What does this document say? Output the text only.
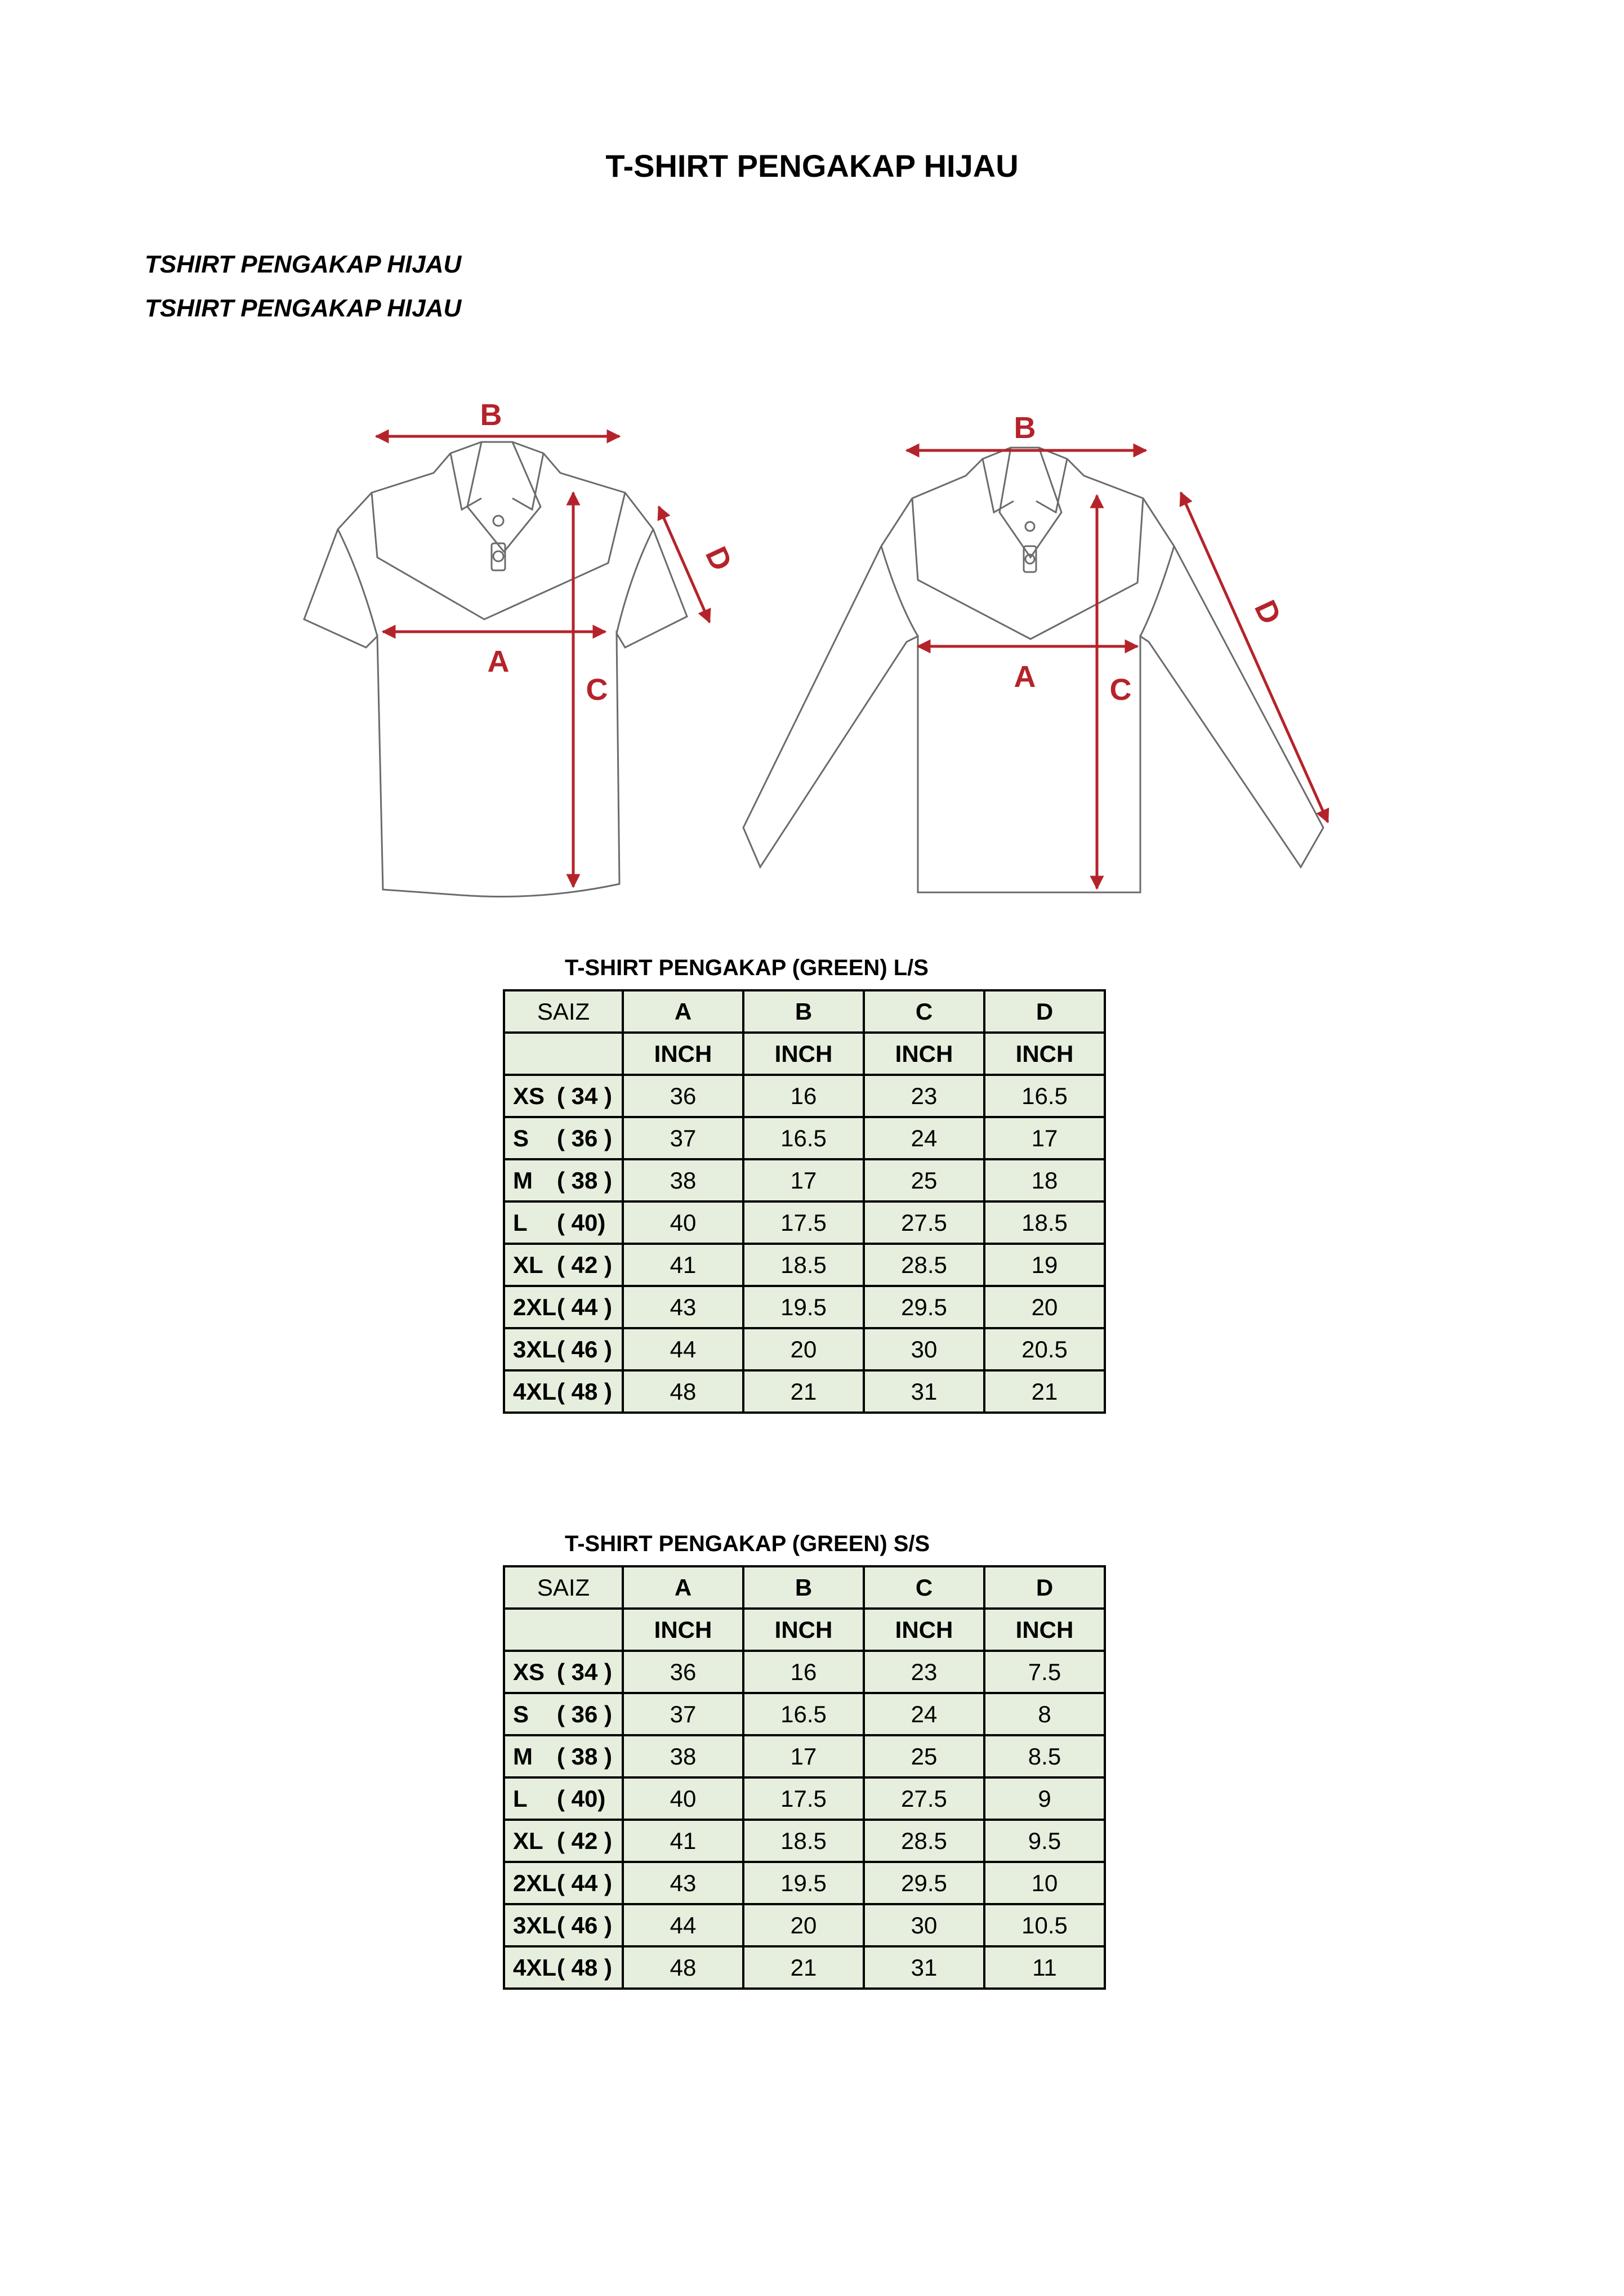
T-SHIRT PENGAKAP HIJAU
TSHIRT PENGAKAP HIJAU
TSHIRT PENGAKAP HIJAU
B
A
C
D
B
A C
D
T-SHIRT PENGAKAP (GREEN) L/S
SAIZ	A	B	C	D
	INCH	INCH	INCH	INCH
XS ( 34 )	36	16	23	16.5
S ( 36 )	37	16.5	24	17
M ( 38 )	38	17	25	18
L ( 40)	40	17.5	27.5	18.5
XL ( 42 )	41	18.5	28.5	19
2XL( 44 )	43	19.5	29.5	20
3XL( 46 )	44	20	30	20.5
4XL( 48 )	48	21	31	21
T-SHIRT PENGAKAP (GREEN) S/S
SAIZ	A	B	C	D
	INCH	INCH	INCH	INCH
XS ( 34 )	36	16	23	7.5
S ( 36 )	37	16.5	24	8
M ( 38 )	38	17	25	8.5
L ( 40)	40	17.5	27.5	9
XL ( 42 )	41	18.5	28.5	9.5
2XL( 44 )	43	19.5	29.5	10
3XL( 46 )	44	20	30	10.5
4XL( 48 )	48	21	31	11
